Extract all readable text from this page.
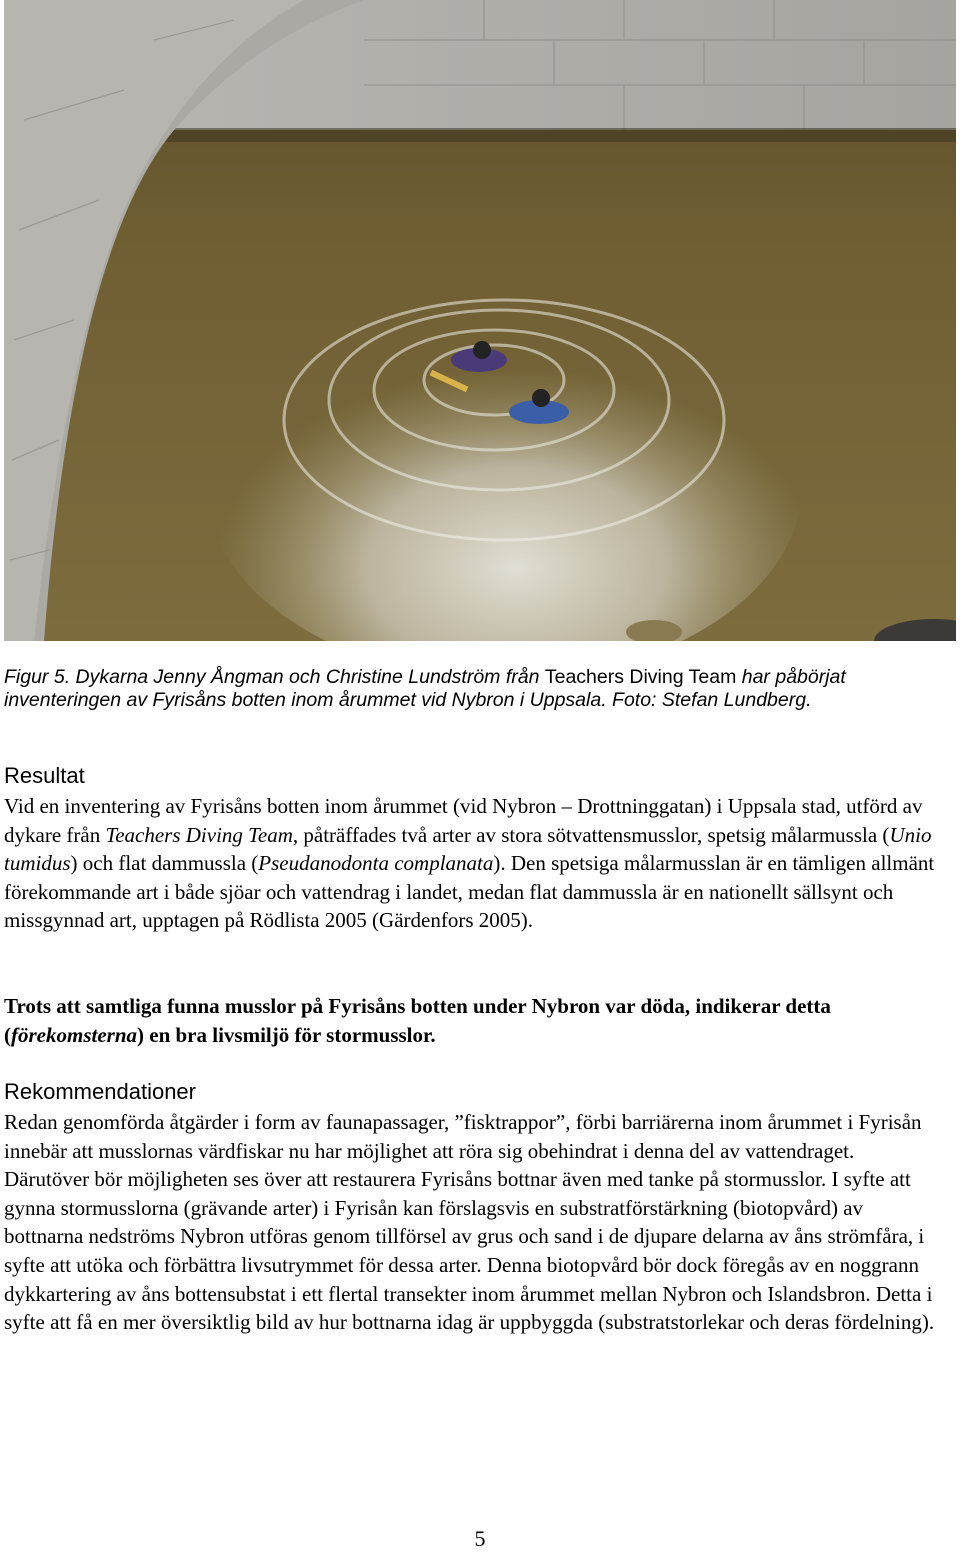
Figur 5. Dykarna Jenny Ångman och Christine Lundström från Teachers Diving Team har påbörjat inventeringen av Fyrisåns botten inom årummet vid Nybron i Uppsala. Foto: Stefan Lundberg.
Resultat

Vid en inventering av Fyrisåns botten inom årummet (vid Nybron – Drottninggatan) i Uppsala stad, utförd av dykare från Teachers Diving Team, påträffades två arter av stora sötvattensmusslor, spetsig målarmussla (Unio tumidus) och flat dammussla (Pseudanodonta complanata). Den spetsiga målarmusslan är en tämligen allmänt förekommande art i både sjöar och vattendrag i landet, medan flat dammussla är en nationellt sällsynt och missgynnad art, upptagen på Rödlista 2005 (Gärdenfors 2005).

Trots att samtliga funna musslor på Fyrisåns botten under Nybron var döda, indikerar detta (förekomsterna) en bra livsmiljö för stormusslor.

Rekommendationer

Redan genomförda åtgärder i form av faunapassager, ”fisktrappor”, förbi barriärerna inom årummet i Fyrisån innebär att musslornas värdfiskar nu har möjlighet att röra sig obehindrat i denna del av vattendraget. Därutöver bör möjligheten ses över att restaurera Fyrisåns bottnar även med tanke på stormusslor. I syfte att gynna stormusslorna (grävande arter) i Fyrisån kan förslagsvis en substratförstärkning (biotopvård) av bottnarna nedströms Nybron utföras genom tillförsel av grus och sand i de djupare delarna av åns strömfåra, i syfte att utöka och förbättra livsutrymmet för dessa arter. Denna biotopvård bör dock föregås av en noggrann dykkartering av åns bottensubstat i ett flertal transekter inom årummet mellan Nybron och Islandsbron. Detta i syfte att få en mer översiktlig bild av hur bottnarna idag är uppbyggda (substratstorlekar och deras fördelning).

5
